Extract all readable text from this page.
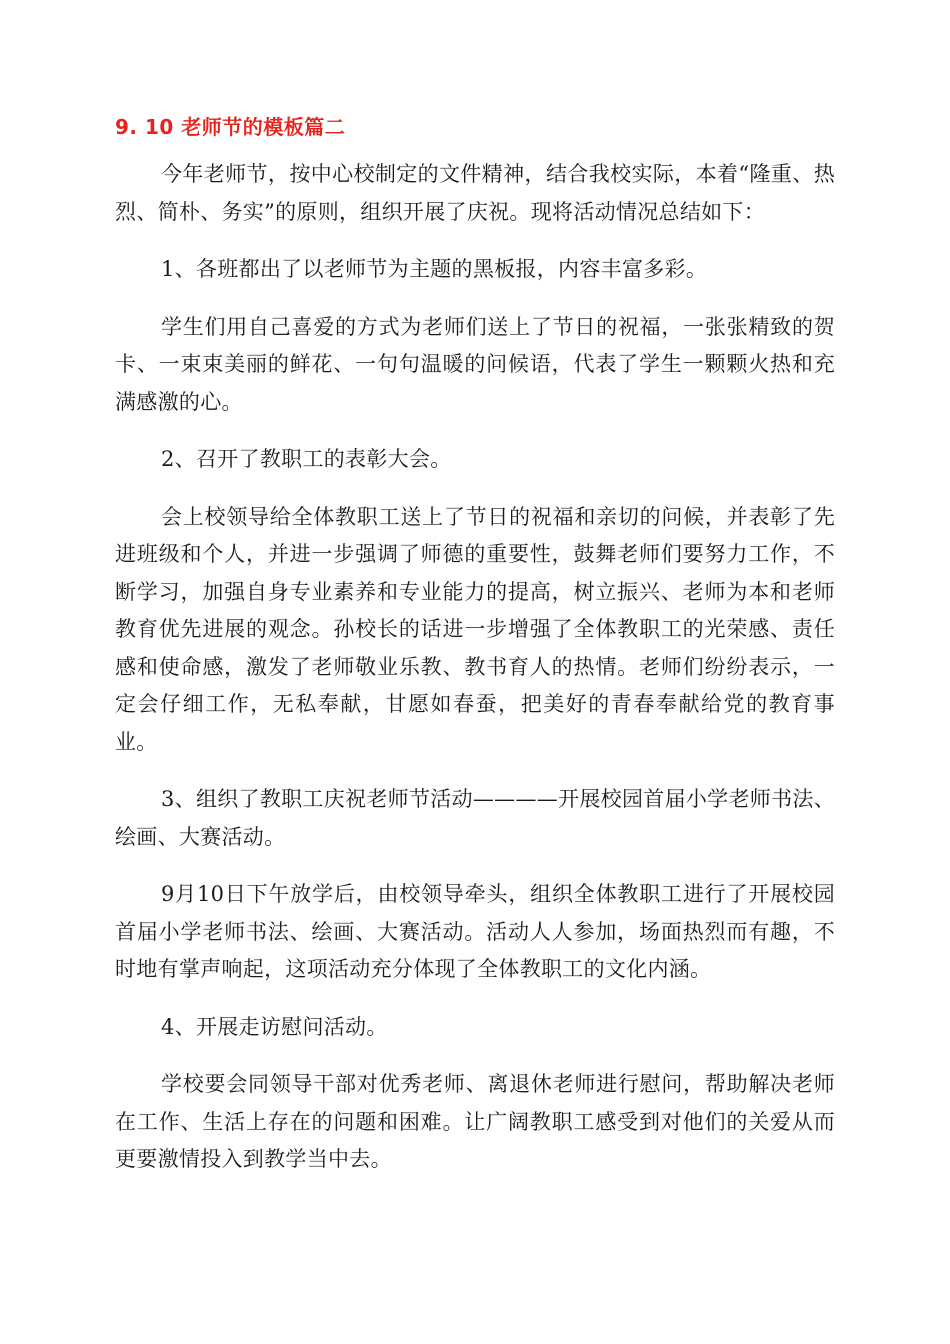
9. 10 老师节的模板篇二

今年老师节，按中心校制定的文件精神，结合我校实际，本着“隆重、热烈、简朴、务实”的原则，组织开展了庆祝。现将活动情况总结如下：

1、各班都出了以老师节为主题的黑板报，内容丰富多彩。

学生们用自己喜爱的方式为老师们送上了节日的祝福，一张张精致的贺卡、一束束美丽的鲜花、一句句温暖的问候语，代表了学生一颗颗火热和充满感激的心。

2、召开了教职工的表彰大会。

会上校领导给全体教职工送上了节日的祝福和亲切的问候，并表彰了先进班级和个人，并进一步强调了师德的重要性，鼓舞老师们要努力工作，不断学习，加强自身专业素养和专业能力的提高，树立振兴、老师为本和老师教育优先进展的观念。孙校长的话进一步增强了全体教职工的光荣感、责任感和使命感，激发了老师敬业乐教、教书育人的热情。老师们纷纷表示，一定会仔细工作，无私奉献，甘愿如春蚕，把美好的青春奉献给党的教育事业。

3、组织了教职工庆祝老师节活动————开展校园首届小学老师书法、绘画、大赛活动。

9月10日下午放学后，由校领导牵头，组织全体教职工进行了开展校园首届小学老师书法、绘画、大赛活动。活动人人参加，场面热烈而有趣，不时地有掌声响起，这项活动充分体现了全体教职工的文化内涵。

4、开展走访慰问活动。

学校要会同领导干部对优秀老师、离退休老师进行慰问，帮助解决老师在工作、生活上存在的问题和困难。让广阔教职工感受到对他们的关爱从而更要激情投入到教学当中去。
